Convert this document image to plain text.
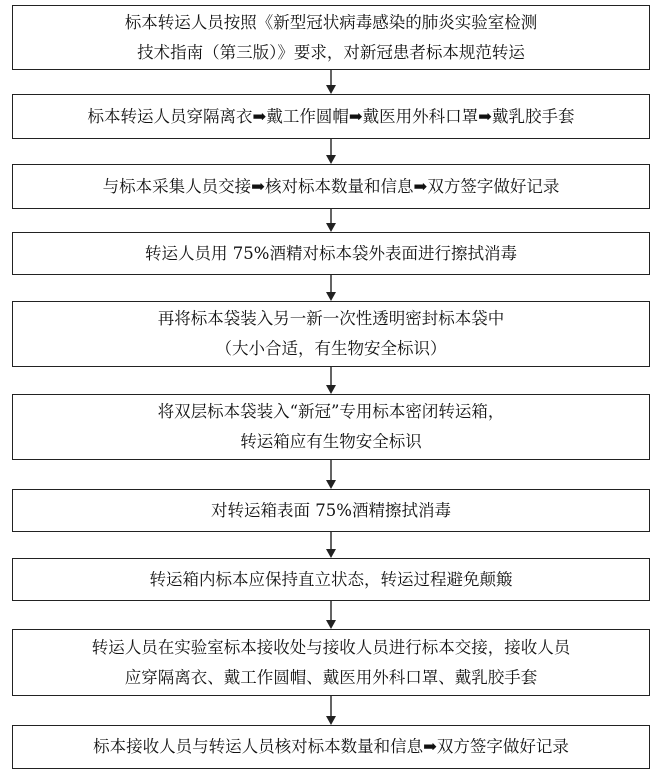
标本转运人员按照《新型冠状病毒感染的肺炎实验室检测
技术指南（第三版）》要求，对新冠患者标本规范转运
标本转运人员穿隔离衣➡戴工作圆帽➡戴医用外科口罩➡戴乳胶手套
与标本采集人员交接➡核对标本数量和信息➡双方签字做好记录
转运人员用 75%酒精对标本袋外表面进行擦拭消毒
再将标本袋装入另一新一次性透明密封标本袋中
（大小合适，有生物安全标识）
将双层标本袋装入“新冠”专用标本密闭转运箱，
转运箱应有生物安全标识
对转运箱表面 75%酒精擦拭消毒
转运箱内标本应保持直立状态，转运过程避免颠簸
转运人员在实验室标本接收处与接收人员进行标本交接，接收人员
应穿隔离衣、戴工作圆帽、戴医用外科口罩、戴乳胶手套
标本接收人员与转运人员核对标本数量和信息➡双方签字做好记录
